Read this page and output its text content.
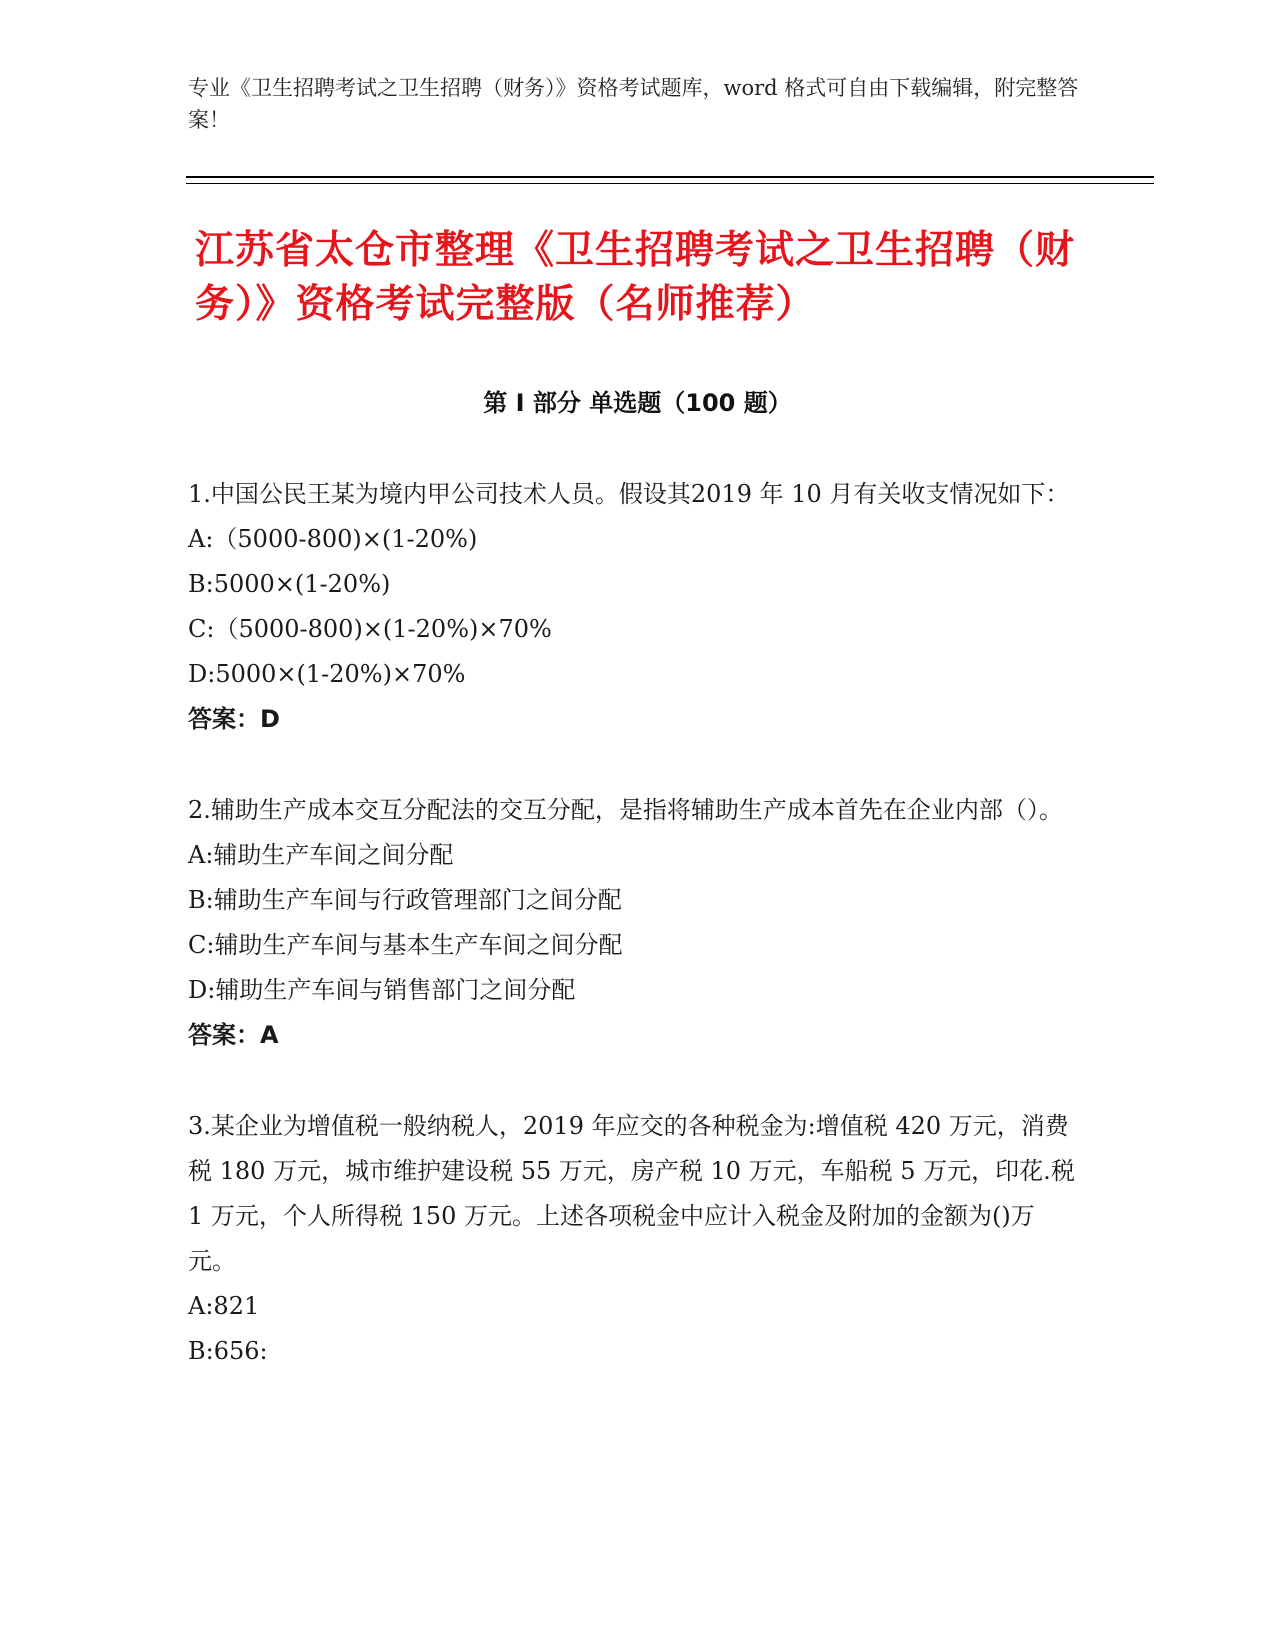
专业《卫生招聘考试之卫生招聘（财务）》资格考试题库，word 格式可自由下载编辑，附完整答案！
江苏省太仓市整理《卫生招聘考试之卫生招聘（财务）》资格考试完整版（名师推荐）
第 I 部分 单选题（100 题）

1.中国公民王某为境内甲公司技术人员。假设其2019 年 10 月有关收支情况如下：

A:（5000-800)×(1-20%)

B:5000×(1-20%)

C:（5000-800)×(1-20%)×70%

D:5000×(1-20%)×70%

答案：D

2.辅助生产成本交互分配法的交互分配，是指将辅助生产成本首先在企业内部（）。

A:辅助生产车间之间分配

B:辅助生产车间与行政管理部门之间分配

C:辅助生产车间与基本生产车间之间分配

D:辅助生产车间与销售部门之间分配

答案：A

3.某企业为增值税一般纳税人，2019 年应交的各种税金为:增值税 420 万元，消费税 180 万元，城市维护建设税 55 万元，房产税 10 万元，车船税 5 万元，印花.税 1 万元，个人所得税 150 万元。上述各项税金中应计入税金及附加的金额为()万元。

A:821

B:656:
